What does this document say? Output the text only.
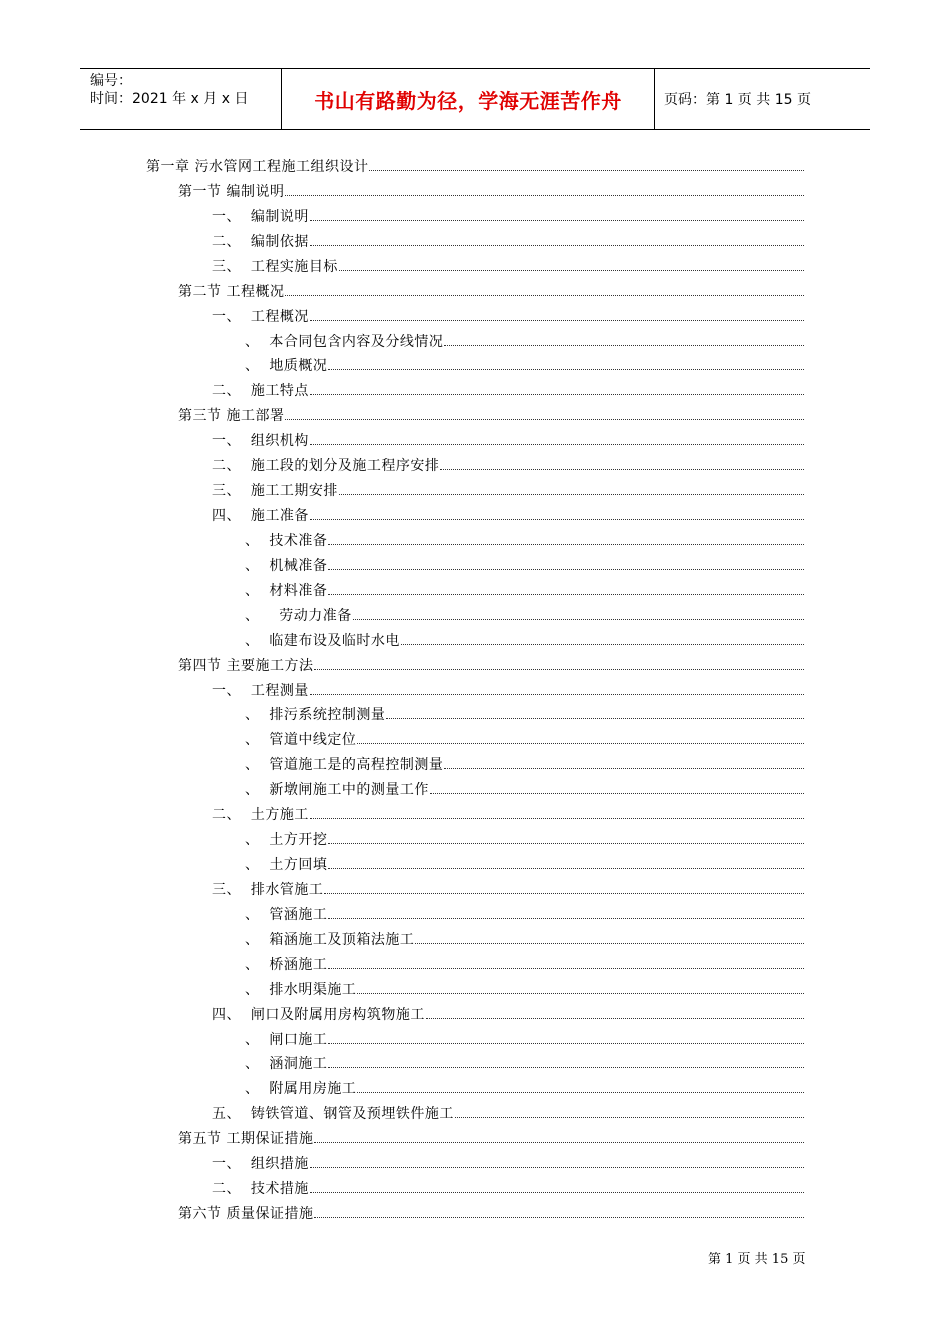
编号：
时间：2021 年 x 月 x 日	书山有路勤为径，学海无涯苦作舟	页码：第 1 页 共 15 页
第一章 污水管网工程施工组织设计
第一节 编制说明
一、  编制说明
二、  编制依据
三、  工程实施目标
第二节 工程概况
一、  工程概况
、  本合同包含内容及分线情况
、  地质概况
二、  施工特点
第三节 施工部署
一、  组织机构
二、  施工段的划分及施工程序安排
三、  施工工期安排
四、  施工准备
、  技术准备
、  机械准备
、  材料准备
、    劳动力准备
、  临建布设及临时水电
第四节 主要施工方法
一、  工程测量
、  排污系统控制测量
、  管道中线定位
、  管道施工是的高程控制测量
、  新墩闸施工中的测量工作
二、  土方施工
、  土方开挖
、  土方回填
三、  排水管施工
、  管涵施工
、  箱涵施工及顶箱法施工
、  桥涵施工
、  排水明渠施工
四、  闸口及附属用房构筑物施工
、  闸口施工
、  涵洞施工
、  附属用房施工
五、  铸铁管道、钢管及预埋铁件施工
第五节 工期保证措施
一、  组织措施
二、  技术措施
第六节 质量保证措施
第 1 页 共 15 页
